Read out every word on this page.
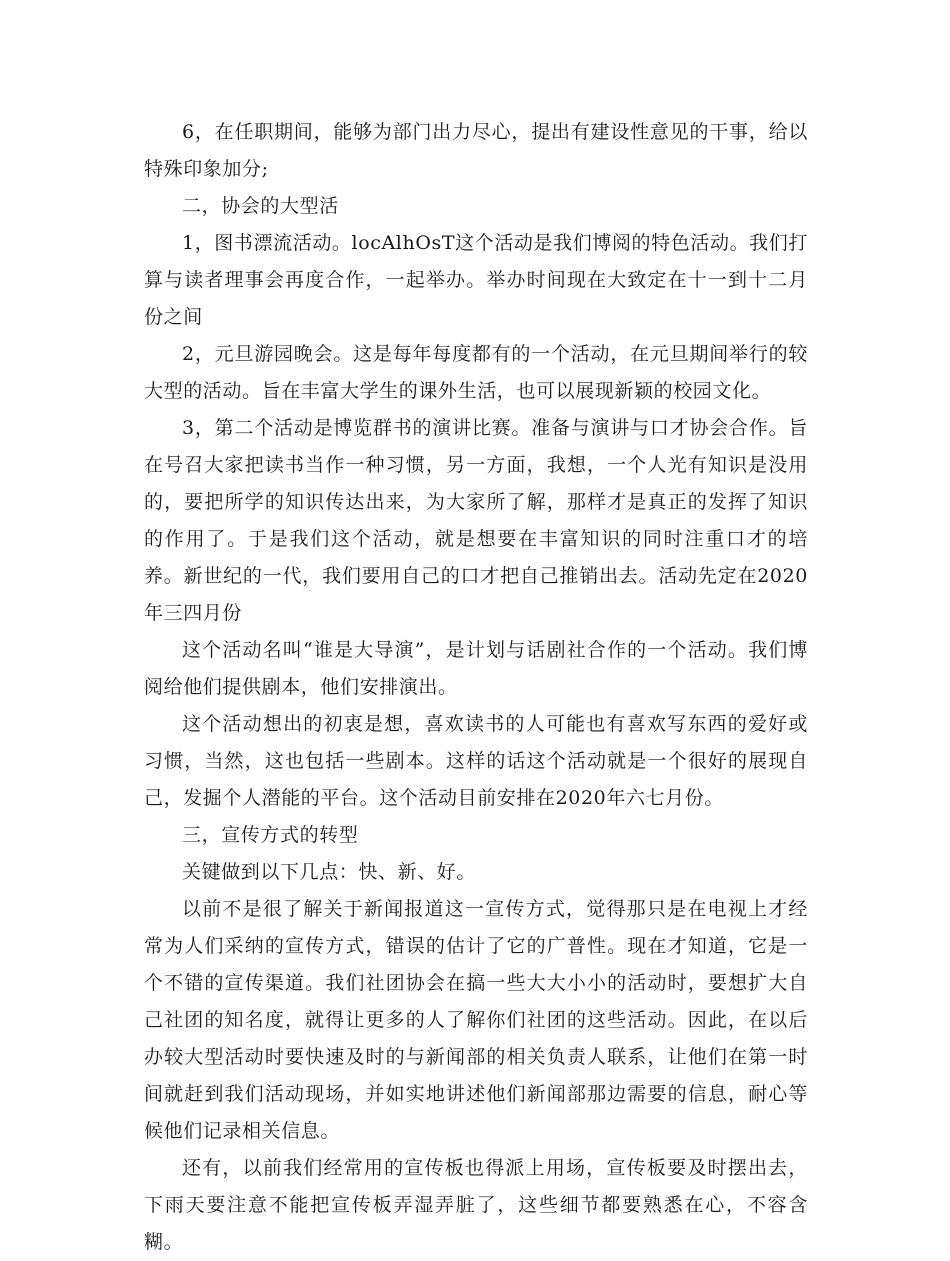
6，在任职期间，能够为部门出力尽心，提出有建设性意见的干事，给以特殊印象加分;

二，协会的大型活

1，图书漂流活动。locAlhOsT这个活动是我们博阅的特色活动。我们打算与读者理事会再度合作，一起举办。举办时间现在大致定在十一到十二月份之间

2，元旦游园晚会。这是每年每度都有的一个活动，在元旦期间举行的较大型的活动。旨在丰富大学生的课外生活，也可以展现新颖的校园文化。

3，第二个活动是博览群书的演讲比赛。准备与演讲与口才协会合作。旨在号召大家把读书当作一种习惯，另一方面，我想，一个人光有知识是没用的，要把所学的知识传达出来，为大家所了解，那样才是真正的发挥了知识的作用了。于是我们这个活动，就是想要在丰富知识的同时注重口才的培养。新世纪的一代，我们要用自己的口才把自己推销出去。活动先定在2020年三四月份

这个活动名叫“谁是大导演”，是计划与话剧社合作的一个活动。我们博阅给他们提供剧本，他们安排演出。

这个活动想出的初衷是想，喜欢读书的人可能也有喜欢写东西的爱好或习惯，当然，这也包括一些剧本。这样的话这个活动就是一个很好的展现自己，发掘个人潜能的平台。这个活动目前安排在2020年六七月份。

三，宣传方式的转型

关键做到以下几点：快、新、好。

以前不是很了解关于新闻报道这一宣传方式，觉得那只是在电视上才经常为人们采纳的宣传方式，错误的估计了它的广普性。现在才知道，它是一个不错的宣传渠道。我们社团协会在搞一些大大小小的活动时，要想扩大自己社团的知名度，就得让更多的人了解你们社团的这些活动。因此，在以后办较大型活动时要快速及时的与新闻部的相关负责人联系，让他们在第一时间就赶到我们活动现场，并如实地讲述他们新闻部那边需要的信息，耐心等候他们记录相关信息。

还有，以前我们经常用的宣传板也得派上用场，宣传板要及时摆出去，下雨天要注意不能把宣传板弄湿弄脏了，这些细节都要熟悉在心，不容含糊。
